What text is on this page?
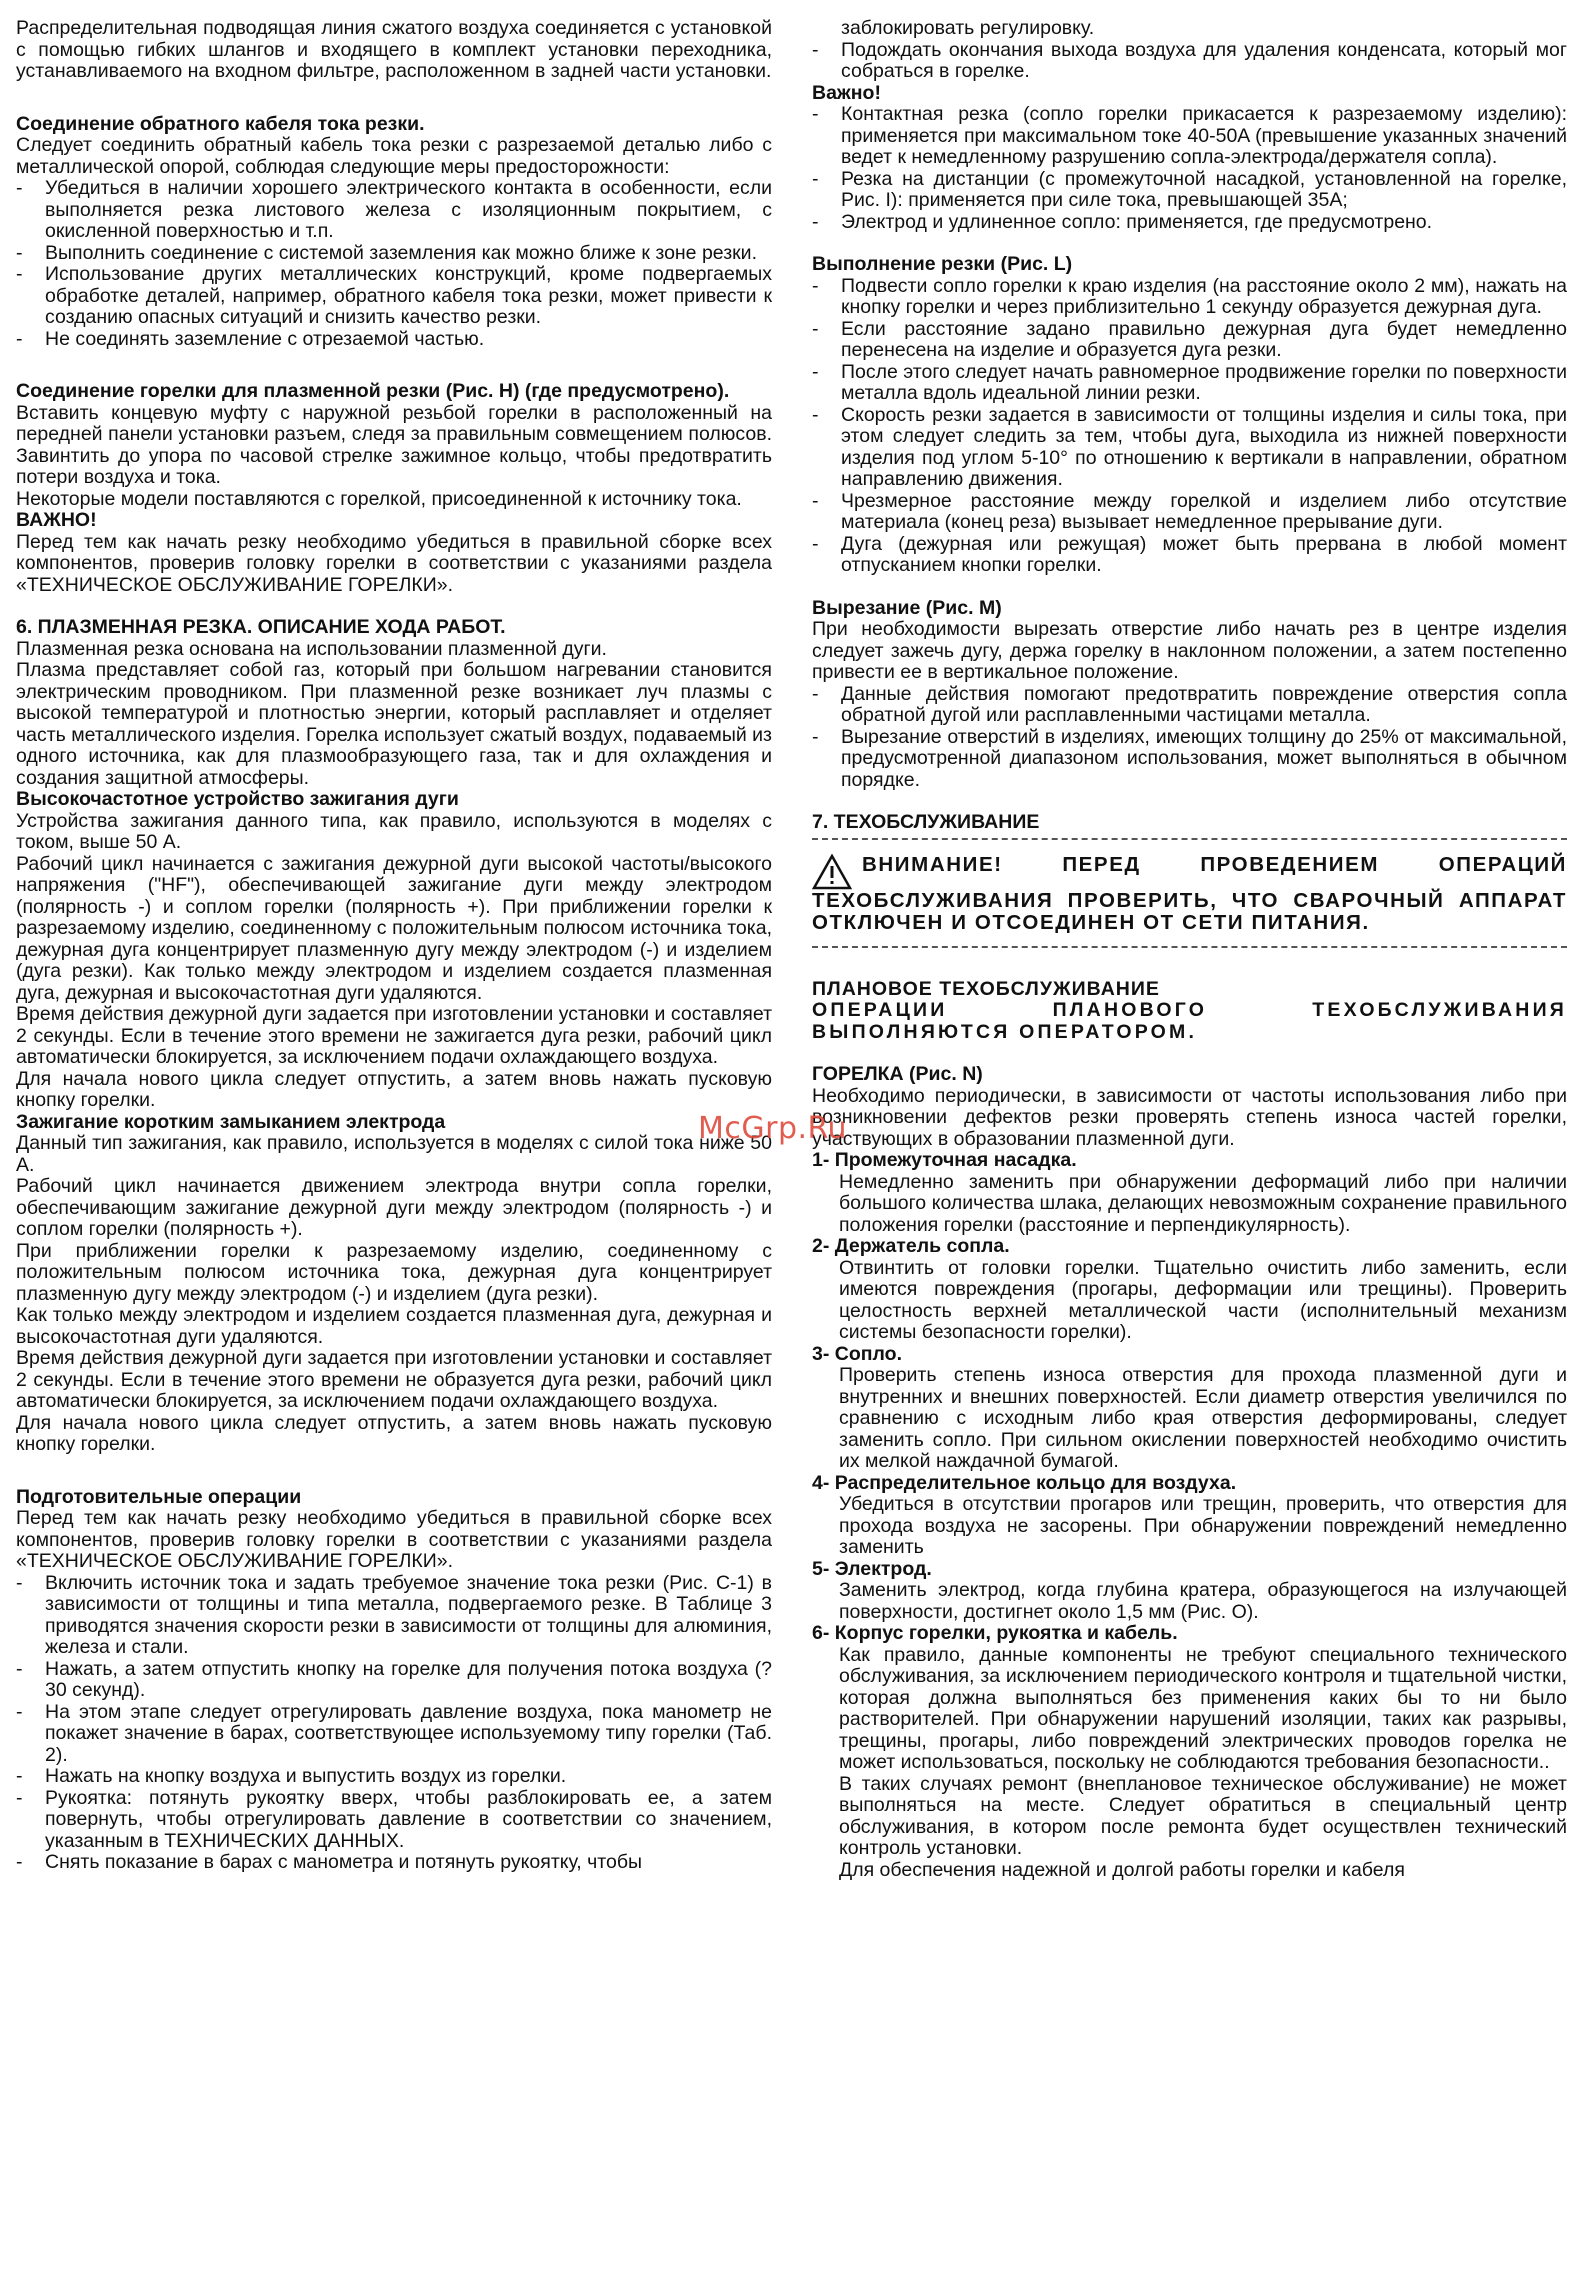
Распределительная подводящая линия сжатого воздуха соединяется с установкой с помощью гибких шлангов и входящего в комплект установки переходника, устанавливаемого на входном фильтре, расположенном в задней части установки.

Соединение обратного кабеля тока резки.

Следует соединить обратный кабель тока резки с разрезаемой деталью либо с металлической опорой, соблюдая следующие меры предосторожности:

- Убедиться в наличии хорошего электрического контакта в особенности, если выполняется резка листового железа с изоляционным покрытием, с окисленной поверхностью и т.п.
- Выполнить соединение с системой заземления как можно ближе к зоне резки.
- Использование других металлических конструкций, кроме подвергаемых обработке деталей, например, обратного кабеля тока резки, может привести к созданию опасных ситуаций и снизить качество резки.
- Не соединять заземление с отрезаемой частью.

Соединение горелки для плазменной резки (Рис. H) (где предусмотрено).

Вставить концевую муфту с наружной резьбой горелки в расположенный на передней панели установки разъем, следя за правильным совмещением полюсов. Завинтить до упора по часовой стрелке зажимное кольцо, чтобы предотвратить потери воздуха и тока.

Некоторые модели поставляются с горелкой, присоединенной к источнику тока.

ВАЖНО!

Перед тем как начать резку необходимо убедиться в правильной сборке всех компонентов, проверив головку горелки в соответствии с указаниями раздела «ТЕХНИЧЕСКОЕ ОБСЛУЖИВАНИЕ ГОРЕЛКИ».

6. ПЛАЗМЕННАЯ РЕЗКА. ОПИСАНИЕ ХОДА РАБОТ.

Плазменная резка основана на использовании плазменной дуги.

Плазма представляет собой газ, который при большом нагревании становится электрическим проводником. При плазменной резке возникает луч плазмы с высокой температурой и плотностью энергии, который расплавляет и отделяет часть металлического изделия. Горелка использует сжатый воздух, подаваемый из одного источника, как для плазмообразующего газа, так и для охлаждения и создания защитной атмосферы.

Высокочастотное устройство зажигания дуги

Устройства зажигания данного типа, как правило, используются в моделях с током, выше 50 А.

Рабочий цикл начинается с зажигания дежурной дуги высокой частоты/высокого напряжения ("HF"), обеспечивающей зажигание дуги между электродом (полярность -) и соплом горелки (полярность +). При приближении горелки к разрезаемому изделию, соединенному с положительным полюсом источника тока, дежурная дуга концентрирует плазменную дугу между электродом (-) и изделием (дуга резки). Как только между электродом и изделием создается плазменная дуга, дежурная и высокочастотная дуги удаляются.

Время действия дежурной дуги задается при изготовлении установки и составляет 2 секунды. Если в течение этого времени не зажигается дуга резки, рабочий цикл автоматически блокируется, за исключением подачи охлаждающего воздуха.

Для начала нового цикла следует отпустить, а затем вновь нажать пусковую кнопку горелки.

Зажигание коротким замыканием электрода

Данный тип зажигания, как правило, используется в моделях с силой тока ниже 50 А.

Рабочий цикл начинается движением электрода внутри сопла горелки, обеспечивающим зажигание дежурной дуги между электродом (полярность -) и соплом горелки (полярность +).

При приближении горелки к разрезаемому изделию, соединенному с положительным полюсом источника тока, дежурная дуга концентрирует плазменную дугу между электродом (-) и изделием (дуга резки).

Как только между электродом и изделием создается плазменная дуга, дежурная и высокочастотная дуги удаляются.

Время действия дежурной дуги задается при изготовлении установки и составляет 2 секунды. Если в течение этого времени не образуется дуга резки, рабочий цикл автоматически блокируется, за исключением подачи охлаждающего воздуха.

Для начала нового цикла следует отпустить, а затем вновь нажать пусковую кнопку горелки.

Подготовительные операции

Перед тем как начать резку необходимо убедиться в правильной сборке всех компонентов, проверив головку горелки в соответствии с указаниями раздела «ТЕХНИЧЕСКОЕ ОБСЛУЖИВАНИЕ ГОРЕЛКИ».

- Включить источник тока и задать требуемое значение тока резки (Рис. С-1) в зависимости от толщины и типа металла, подвергаемого резке. В Таблице 3 приводятся значения скорости резки в зависимости от толщины для алюминия, железа и стали.
- Нажать, а затем отпустить кнопку на горелке для получения потока воздуха (?30 секунд).
- На этом этапе следует отрегулировать давление воздуха, пока манометр не покажет значение в барах, соответствующее используемому типу горелки (Таб. 2).
- Нажать на кнопку воздуха и выпустить воздух из горелки.
- Рукоятка: потянуть рукоятку вверх, чтобы разблокировать ее, а затем повернуть, чтобы отрегулировать давление в соответствии со значением, указанным в ТЕХНИЧЕСКИХ ДАННЫХ.
- Снять показание в барах с манометра и потянуть рукоятку, чтобы

заблокировать регулировку.

- Подождать окончания выхода воздуха для удаления конденсата, который мог собраться в горелке.

Важно!

- Контактная резка (сопло горелки прикасается к разрезаемому изделию): применяется при максимальном токе 40-50A (превышение указанных значений ведет к немедленному разрушению сопла-электрода/держателя сопла).
- Резка на дистанции (с промежуточной насадкой, установленной на горелке, Рис. I): применяется при силе тока, превышающей 35A;
- Электрод и удлиненное сопло: применяется, где предусмотрено.

Выполнение резки (Рис. L)

- Подвести сопло горелки к краю изделия (на расстояние около 2 мм), нажать на кнопку горелки и через приблизительно 1 секунду образуется дежурная дуга.
- Если расстояние задано правильно дежурная дуга будет немедленно перенесена на изделие и образуется дуга резки.
- После этого следует начать равномерное продвижение горелки по поверхности металла вдоль идеальной линии резки.
- Скорость резки задается в зависимости от толщины изделия и силы тока, при этом следует следить за тем, чтобы дуга, выходила из нижней поверхности изделия под углом 5-10° по отношению к вертикали в направлении, обратном направлению движения.
- Чрезмерное расстояние между горелкой и изделием либо отсутствие материала (конец реза) вызывает немедленное прерывание дуги.
- Дуга (дежурная или режущая) может быть прервана в любой момент отпусканием кнопки горелки.

Вырезание (Рис. M)

При необходимости вырезать отверстие либо начать рез в центре изделия следует зажечь дугу, держа горелку в наклонном положении, а затем постепенно привести ее в вертикальное положение.

- Данные действия помогают предотвратить повреждение отверстия сопла обратной дугой или расплавленными частицами металла.
- Вырезание отверстий в изделиях, имеющих толщину до 25% от максимальной, предусмотренной диапазоном использования, может выполняться в обычном порядке.

7. ТЕХОБСЛУЖИВАНИЕ

ВНИМАНИЕ! ПЕРЕД ПРОВЕДЕНИЕМ ОПЕРАЦИЙ ТЕХОБСЛУЖИВАНИЯ ПРОВЕРИТЬ, ЧТО СВАРОЧНЫЙ АППАРАТ ОТКЛЮЧЕН И ОТСОЕДИНЕН ОТ СЕТИ ПИТАНИЯ.

ПЛАНОВОЕ ТЕХОБСЛУЖИВАНИЕ

ОПЕРАЦИИ ПЛАНОВОГО ТЕХОБСЛУЖИВАНИЯ ВЫПОЛНЯЮТСЯ ОПЕРАТОРОМ.

ГОРЕЛКА (Рис. N)

Необходимо периодически, в зависимости от частоты использования либо при возникновении дефектов резки проверять степень износа частей горелки, участвующих в образовании плазменной дуги.

1- Промежуточная насадка.
Немедленно заменить при обнаружении деформаций либо при наличии большого количества шлака, делающих невозможным сохранение правильного положения горелки (расстояние и перпендикулярность).
2- Держатель сопла.
Отвинтить от головки горелки. Тщательно очистить либо заменить, если имеются повреждения (прогары, деформации или трещины). Проверить целостность верхней металлической части (исполнительный механизм системы безопасности горелки).
3- Сопло.
Проверить степень износа отверстия для прохода плазменной дуги и внутренних и внешних поверхностей. Если диаметр отверстия увеличился по сравнению с исходным либо края отверстия деформированы, следует заменить сопло. При сильном окислении поверхностей необходимо очистить их мелкой наждачной бумагой.
4- Распределительное кольцо для воздуха.
Убедиться в отсутствии прогаров или трещин, проверить, что отверстия для прохода воздуха не засорены. При обнаружении повреждений немедленно заменить
5- Электрод.
Заменить электрод, когда глубина кратера, образующегося на излучающей поверхности, достигнет около 1,5 мм (Рис. O).
6- Корпус горелки, рукоятка и кабель.
Как правило, данные компоненты не требуют специального технического обслуживания, за исключением периодического контроля и тщательной чистки, которая должна выполняться без применения каких бы то ни было растворителей. При обнаружении нарушений изоляции, таких как разрывы, трещины, прогары, либо повреждений электрических проводов горелка не может использоваться, поскольку не соблюдаются требования безопасности..
В таких случаях ремонт (внеплановое техническое обслуживание) не может выполняться на месте. Следует обратиться в специальный центр обслуживания, в котором после ремонта будет осуществлен технический контроль установки.
Для обеспечения надежной и долгой работы горелки и кабеля
McGrp.Ru
